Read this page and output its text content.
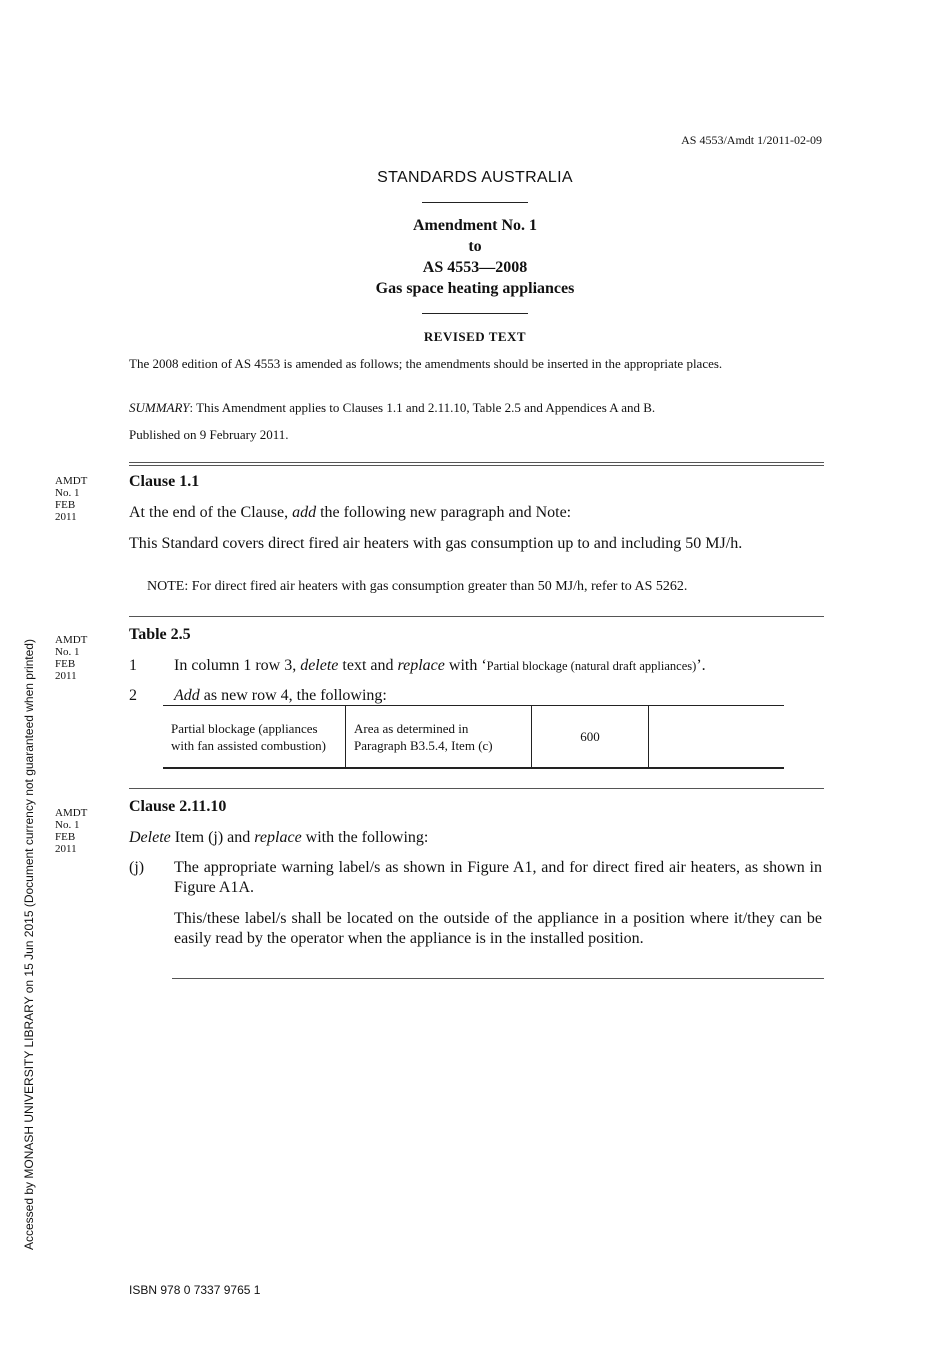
AS 4553/Amdt 1/2011-02-09
STANDARDS AUSTRALIA
Amendment No. 1
to
AS 4553—2008
Gas space heating appliances
REVISED TEXT
The 2008 edition of AS 4553 is amended as follows; the amendments should be inserted in the appropriate places.
SUMMARY: This Amendment applies to Clauses 1.1 and 2.11.10, Table 2.5 and Appendices A and B.
Published on 9 February 2011.
AMDT
No. 1
FEB
2011
Clause 1.1
At the end of the Clause, add the following new paragraph and Note:
This Standard covers direct fired air heaters with gas consumption up to and including 50 MJ/h.
NOTE: For direct fired air heaters with gas consumption greater than 50 MJ/h, refer to AS 5262.
AMDT
No. 1
FEB
2011
Table 2.5
1 In column 1 row 3, delete text and replace with ‘Partial blockage (natural draft appliances)’.
2 Add as new row 4, the following:
Partial blockage (appliances with fan assisted combustion)	Area as determined in Paragraph B3.5.4, Item (c)	600	
AMDT
No. 1
FEB
2011
Clause 2.11.10
Delete Item (j) and replace with the following:
(j) The appropriate warning label/s as shown in Figure A1, and for direct fired air heaters, as shown in Figure A1A.
This/these label/s shall be located on the outside of the appliance in a position where it/they can be easily read by the operator when the appliance is in the installed position.
Accessed by MONASH UNIVERSITY LIBRARY on 15 Jun 2015 (Document currency not guaranteed when printed)
ISBN 978 0 7337 9765 1
